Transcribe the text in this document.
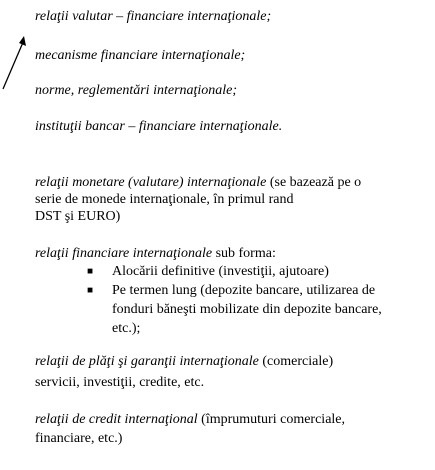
relaţii valutar – financiare internaţionale;
mecanisme financiare internaţionale;
norme, reglementări internaţionale;
instituţii bancar – financiare internaţionale.
relaţii monetare (valutare) internaţionale (se bazează pe o
serie de monede internaţionale, în primul rand
DST şi EURO)
relaţii financiare internaţionale sub forma:
■ Alocării definitive (investiţii, ajutoare)
■ Pe termen lung (depozite bancare, utilizarea de
fonduri băneşti mobilizate din depozite bancare,
etc.);
relaţii de plăţi şi garanţii internaţionale (comerciale)
servicii, investiţii, credite, etc.
relaţii de credit internaţional (împrumuturi comerciale,
financiare, etc.)
